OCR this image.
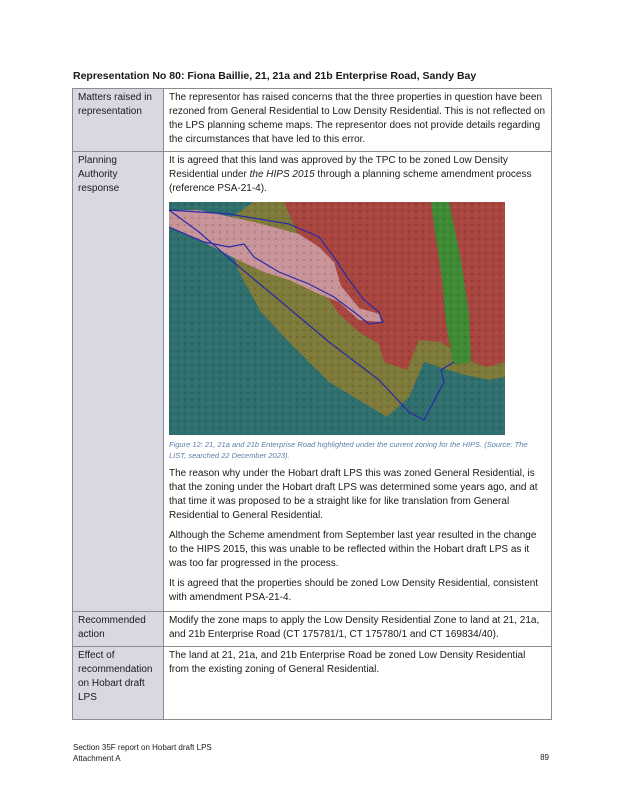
Representation No 80: Fiona Baillie, 21, 21a and 21b Enterprise Road, Sandy Bay
Matters raised in representation	The representor has raised concerns that the three properties in question have been rezoned from General Residential to Low Density Residential. This is not reflected on the LPS planning scheme maps. The representor does not provide details regarding the circumstances that have led to this error.
Planning Authority response	It is agreed that this land was approved by the TPC to be zoned Low Density Residential under the HIPS 2015 through a planning scheme amendment process (reference PSA-21-4).

Figure 12: 21, 21a and 21b Enterprise Road highlighted under the current zoning for the HIPS. (Source: The LIST, searched 22 December 2023).

The reason why under the Hobart draft LPS this was zoned General Residential, is that the zoning under the Hobart draft LPS was determined some years ago, and at that time it was proposed to be a straight like for like translation from General Residential to General Residential.

Although the Scheme amendment from September last year resulted in the change to the HIPS 2015, this was unable to be reflected within the Hobart draft LPS as it was too far progressed in the process.

It is agreed that the properties should be zoned Low Density Residential, consistent with amendment PSA-21-4.

Recommended action	Modify the zone maps to apply the Low Density Residential Zone to land at 21, 21a, and 21b Enterprise Road (CT 175781/1, CT 175780/1 and CT 169834/40).
Effect of recommendation on Hobart draft LPS	The land at 21, 21a, and 21b Enterprise Road be zoned Low Density Residential from the existing zoning of General Residential.
Section 35F report on Hobart draft LPS
Attachment A	89
